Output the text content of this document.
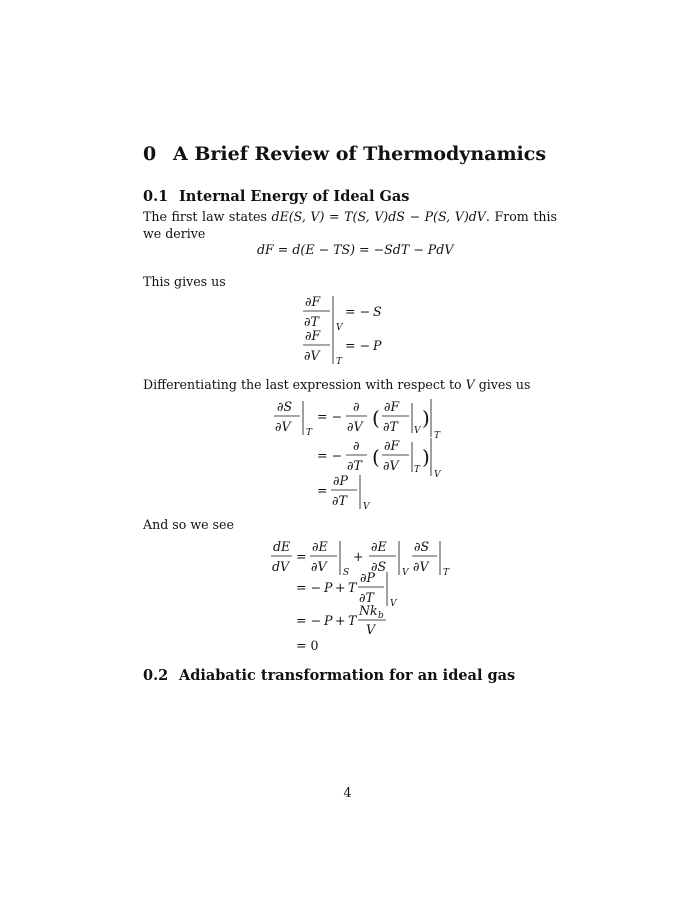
0 A Brief Review of Thermodynamics
0.1 Internal Energy of Ideal Gas
The first law states dE(S, V) = T(S, V)dS − P(S, V)dV. From this we derive
dF = d(E − TS) = −SdT − PdV
This gives us
∂F
∂T V
= − S
∂F
∂V T
= − P
Differentiating the last expression with respect to V gives us
∂S
∂V T
= −
∂
∂V ( ∂F
∂T V
)
T
= −
∂
∂T ( ∂F
∂V T
)
V
=
∂P
∂T V
And so we see
dE
dV
=
∂E
∂V S
+
∂E
∂S V
∂S
∂V T
= − P + T
∂P
∂T V
= − P + T
Nk b
V
= 0
0.2 Adiabatic transformation for an ideal gas
4
